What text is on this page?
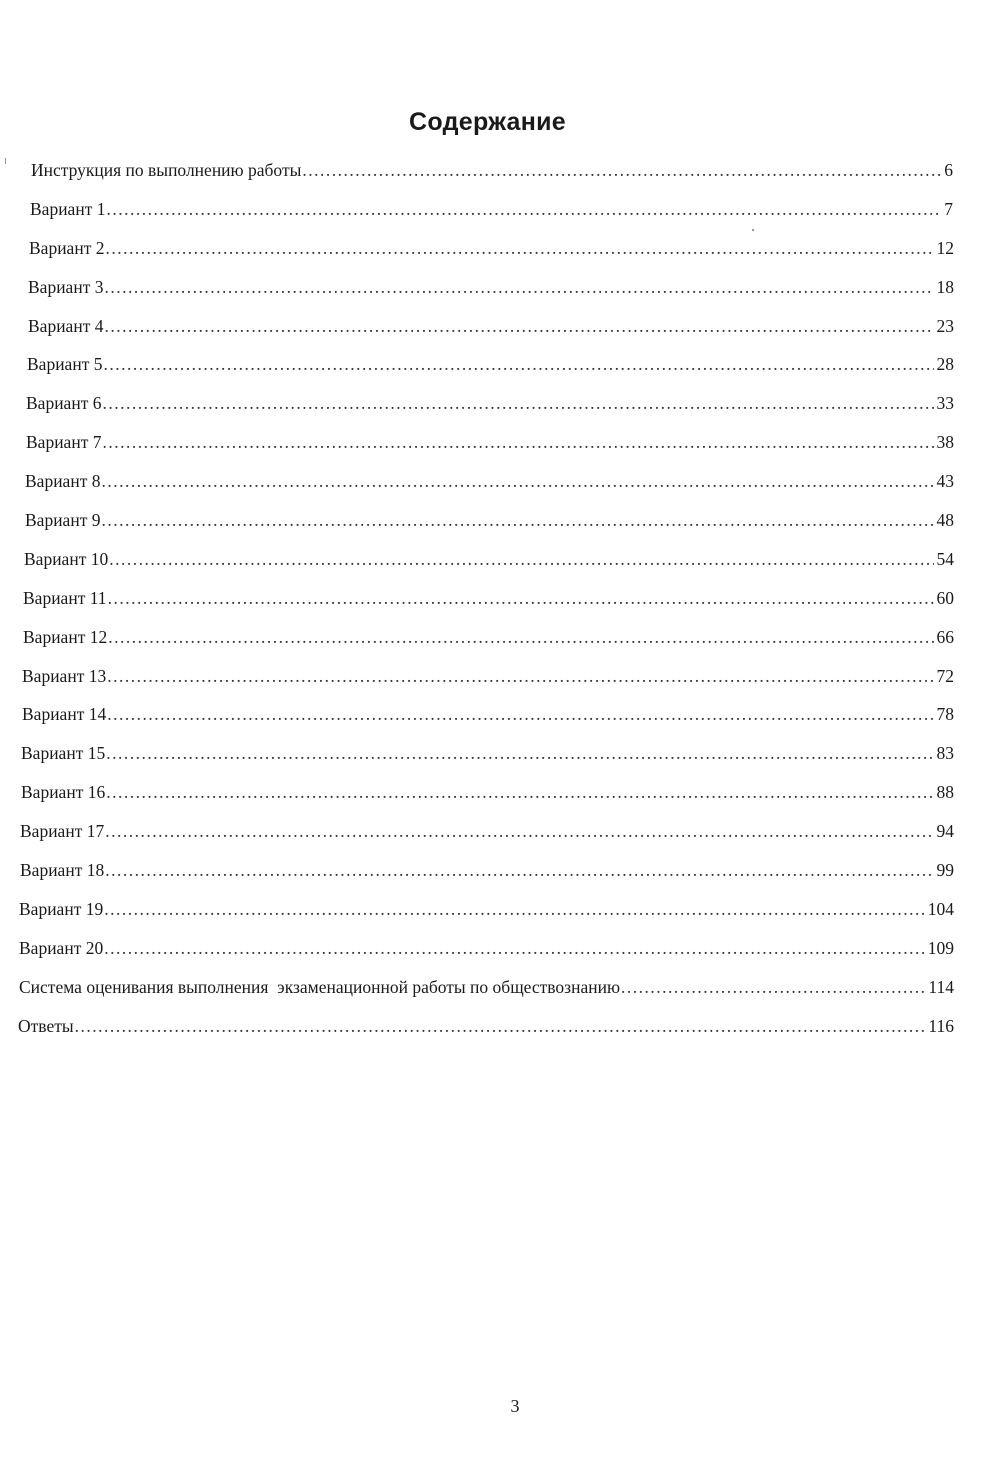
Содержание
Инструкция по выполнению работы .....	6
Вариант 1 .....	7
Вариант 2 .....	12
Вариант 3 .....	18
Вариант 4 .....	23
Вариант 5 .....	28
Вариант 6 .....	33
Вариант 7 .....	38
Вариант 8 .....	43
Вариант 9 .....	48
Вариант 10 .....	54
Вариант 11 .....	60
Вариант 12 .....	66
Вариант 13 .....	72
Вариант 14 .....	78
Вариант 15 .....	83
Вариант 16 .....	88
Вариант 17 .....	94
Вариант 18 .....	99
Вариант 19 .....	104
Вариант 20 .....	109
Система оценивания выполнения  экзаменационной работы по обществознанию .....	114
Ответы .....	116
3
